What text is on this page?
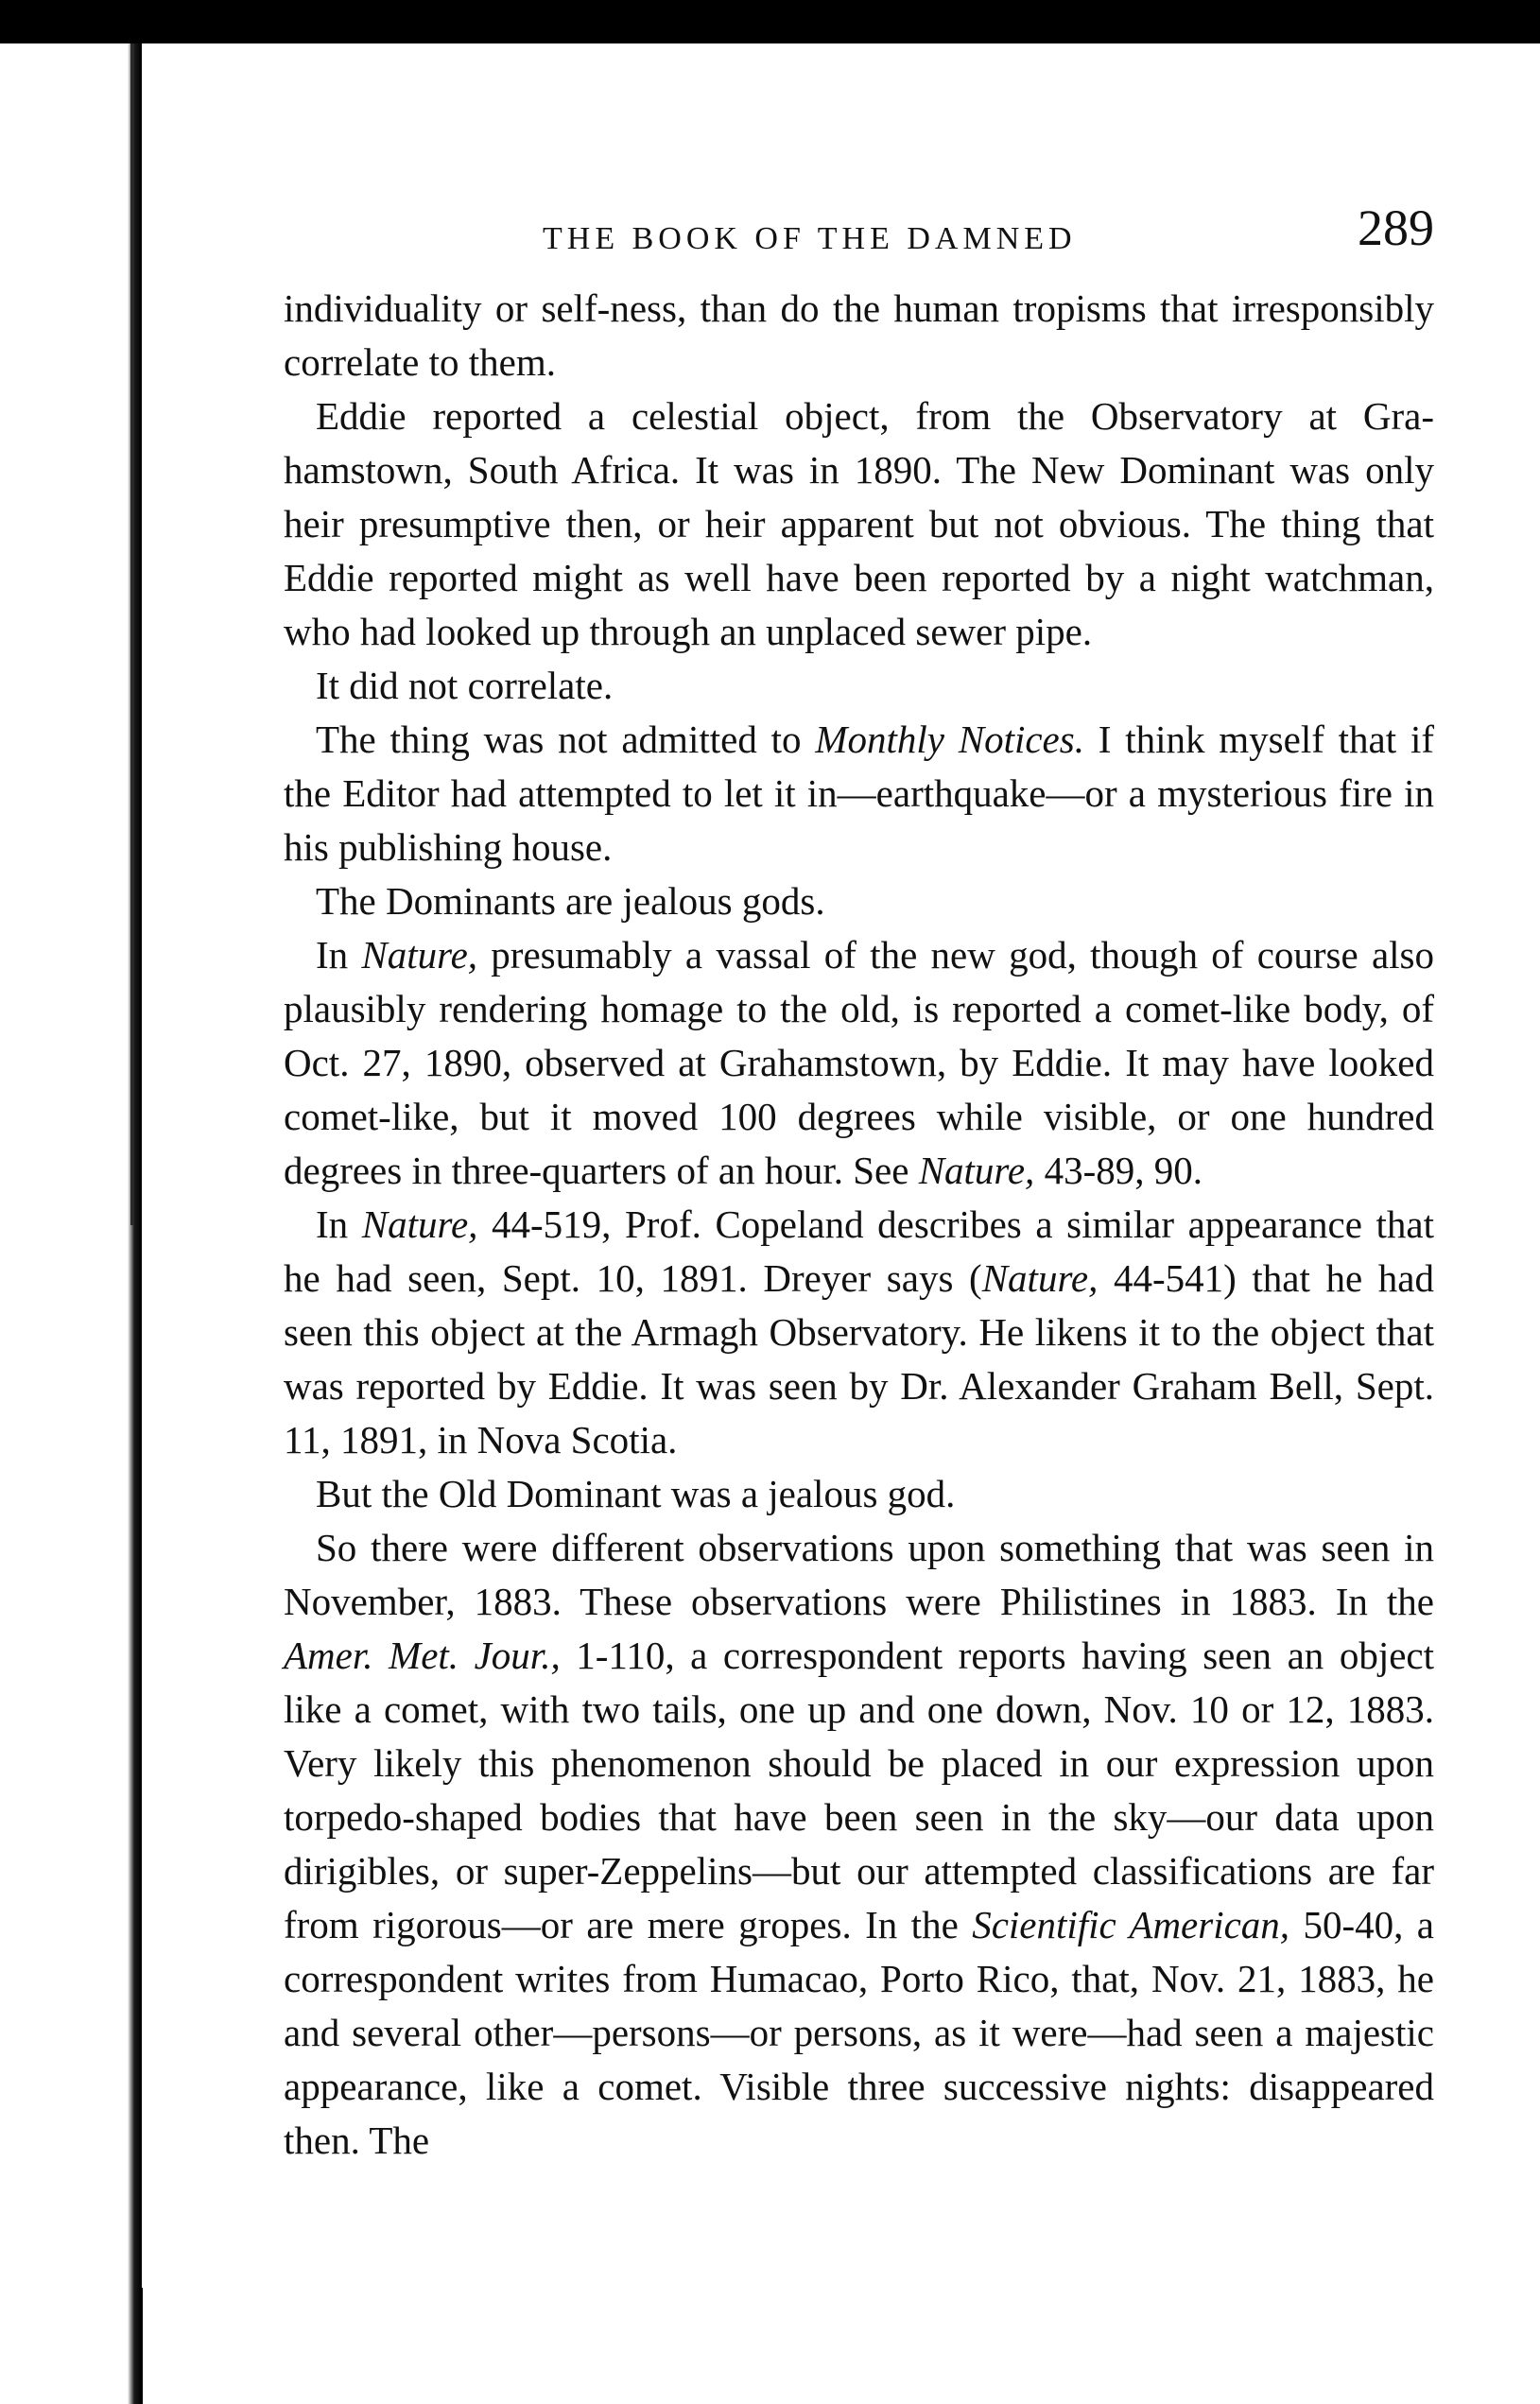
THE BOOK OF THE DAMNED	289

individuality or self-ness, than do the human tropisms that irresponsibly correlate to them.

Eddie reported a celestial object, from the Observatory at Grahamstown, South Africa. It was in 1890. The New Dominant was only heir presumptive then, or heir apparent but not obvious. The thing that Eddie reported might as well have been reported by a night watchman, who had looked up through an unplaced sewer pipe.

It did not correlate.

The thing was not admitted to Monthly Notices. I think myself that if the Editor had attempted to let it in—earthquake—or a mysterious fire in his publishing house.

The Dominants are jealous gods.

In Nature, presumably a vassal of the new god, though of course also plausibly rendering homage to the old, is reported a comet-like body, of Oct. 27, 1890, observed at Grahamstown, by Eddie. It may have looked comet-like, but it moved 100 degrees while visible, or one hundred degrees in three-quarters of an hour. See Nature, 43-89, 90.

In Nature, 44-519, Prof. Copeland describes a similar appearance that he had seen, Sept. 10, 1891. Dreyer says (Nature, 44-541) that he had seen this object at the Armagh Observatory. He likens it to the object that was reported by Eddie. It was seen by Dr. Alexander Graham Bell, Sept. 11, 1891, in Nova Scotia.

But the Old Dominant was a jealous god.

So there were different observations upon something that was seen in November, 1883. These observations were Philistines in 1883. In the Amer. Met. Jour., 1-110, a correspondent reports having seen an object like a comet, with two tails, one up and one down, Nov. 10 or 12, 1883. Very likely this phenomenon should be placed in our expression upon torpedo-shaped bodies that have been seen in the sky—our data upon dirigibles, or super-Zeppelins—but our attempted classifications are far from rigorous—or are mere gropes. In the Scientific American, 50-40, a correspondent writes from Humacao, Porto Rico, that, Nov. 21, 1883, he and several other—persons—or persons, as it were—had seen a majestic appearance, like a comet. Visible three successive nights: disappeared then. The
